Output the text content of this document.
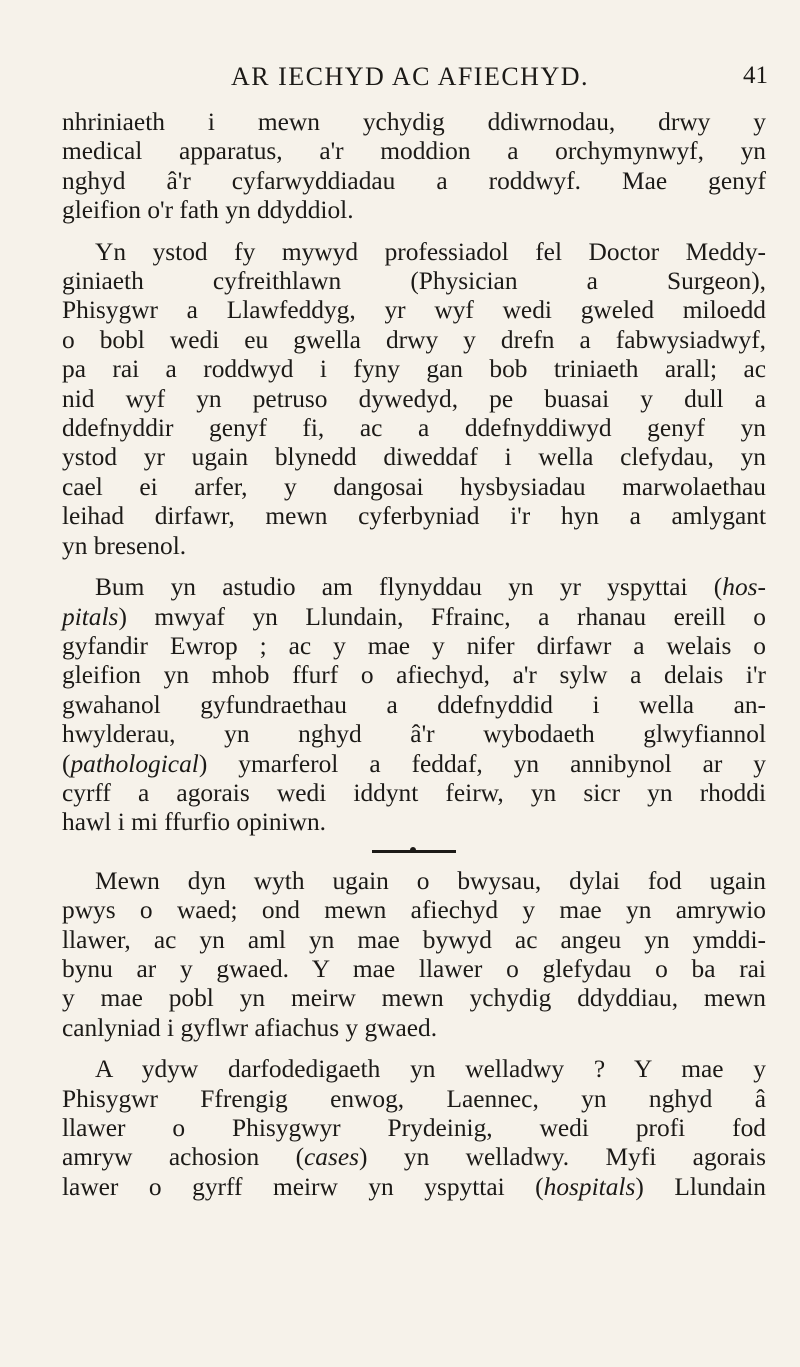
AR IECHYD AC AFIECHYD.	41
nhriniaeth i mewn ychydig ddiwrnodau, drwy y
medical apparatus, a'r moddion a orchymynwyf, yn
nghyd â'r cyfarwyddiadau a roddwyf. Mae genyf
gleifion o'r fath yn ddyddiol.
Yn ystod fy mywyd professiadol fel Doctor Meddy-
giniaeth cyfreithlawn (Physician a Surgeon),
Phisygwr a Llawfeddyg, yr wyf wedi gweled miloedd
o bobl wedi eu gwella drwy y drefn a fabwysiadwyf,
pa rai a roddwyd i fyny gan bob triniaeth arall; ac
nid wyf yn petruso dywedyd, pe buasai y dull a
ddefnyddir genyf fi, ac a ddefnyddiwyd genyf yn
ystod yr ugain blynedd diweddaf i wella clefydau, yn
cael ei arfer, y dangosai hysbysiadau marwolaethau
leihad dirfawr, mewn cyferbyniad i'r hyn a amlygant
yn bresenol.
Bum yn astudio am flynyddau yn yr yspyttai (hos-
pitals) mwyaf yn Llundain, Ffrainc, a rhanau ereill o
gyfandir Ewrop ; ac y mae y nifer dirfawr a welais o
gleifion yn mhob ffurf o afiechyd, a'r sylw a delais i'r
gwahanol gyfundraethau a ddefnyddid i wella an-
hwylderau, yn nghyd â'r wybodaeth glwyfiannol
(pathological) ymarferol a feddaf, yn annibynol ar y
cyrff a agorais wedi iddynt feirw, yn sicr yn rhoddi
hawl i mi ffurfio opiniwn.
Mewn dyn wyth ugain o bwysau, dylai fod ugain
pwys o waed; ond mewn afiechyd y mae yn amrywio
llawer, ac yn aml yn mae bywyd ac angeu yn ymddi-
bynu ar y gwaed. Y mae llawer o glefydau o ba rai
y mae pobl yn meirw mewn ychydig ddyddiau, mewn
canlyniad i gyflwr afiachus y gwaed.
A ydyw darfodedigaeth yn welladwy ? Y mae y
Phisygwr Ffrengig enwog, Laennec, yn nghyd â
llawer o Phisygwyr Prydeinig, wedi profi fod
amryw achosion (cases) yn welladwy. Myfi agorais
lawer o gyrff meirw yn yspyttai (hospitals) Llundain
